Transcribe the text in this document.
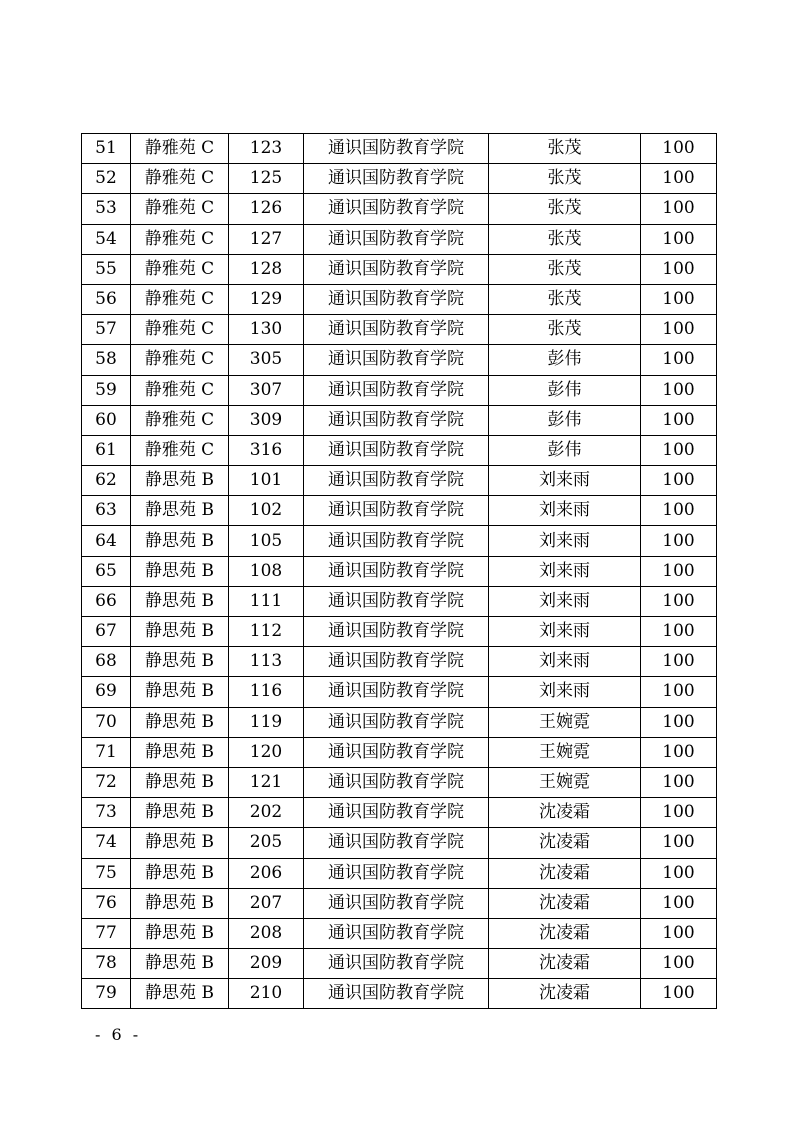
51	静雅苑 C	123	通识国防教育学院	张茂	100
52	静雅苑 C	125	通识国防教育学院	张茂	100
53	静雅苑 C	126	通识国防教育学院	张茂	100
54	静雅苑 C	127	通识国防教育学院	张茂	100
55	静雅苑 C	128	通识国防教育学院	张茂	100
56	静雅苑 C	129	通识国防教育学院	张茂	100
57	静雅苑 C	130	通识国防教育学院	张茂	100
58	静雅苑 C	305	通识国防教育学院	彭伟	100
59	静雅苑 C	307	通识国防教育学院	彭伟	100
60	静雅苑 C	309	通识国防教育学院	彭伟	100
61	静雅苑 C	316	通识国防教育学院	彭伟	100
62	静思苑 B	101	通识国防教育学院	刘来雨	100
63	静思苑 B	102	通识国防教育学院	刘来雨	100
64	静思苑 B	105	通识国防教育学院	刘来雨	100
65	静思苑 B	108	通识国防教育学院	刘来雨	100
66	静思苑 B	111	通识国防教育学院	刘来雨	100
67	静思苑 B	112	通识国防教育学院	刘来雨	100
68	静思苑 B	113	通识国防教育学院	刘来雨	100
69	静思苑 B	116	通识国防教育学院	刘来雨	100
70	静思苑 B	119	通识国防教育学院	王婉霓	100
71	静思苑 B	120	通识国防教育学院	王婉霓	100
72	静思苑 B	121	通识国防教育学院	王婉霓	100
73	静思苑 B	202	通识国防教育学院	沈凌霜	100
74	静思苑 B	205	通识国防教育学院	沈凌霜	100
75	静思苑 B	206	通识国防教育学院	沈凌霜	100
76	静思苑 B	207	通识国防教育学院	沈凌霜	100
77	静思苑 B	208	通识国防教育学院	沈凌霜	100
78	静思苑 B	209	通识国防教育学院	沈凌霜	100
79	静思苑 B	210	通识国防教育学院	沈凌霜	100
- 6 -
